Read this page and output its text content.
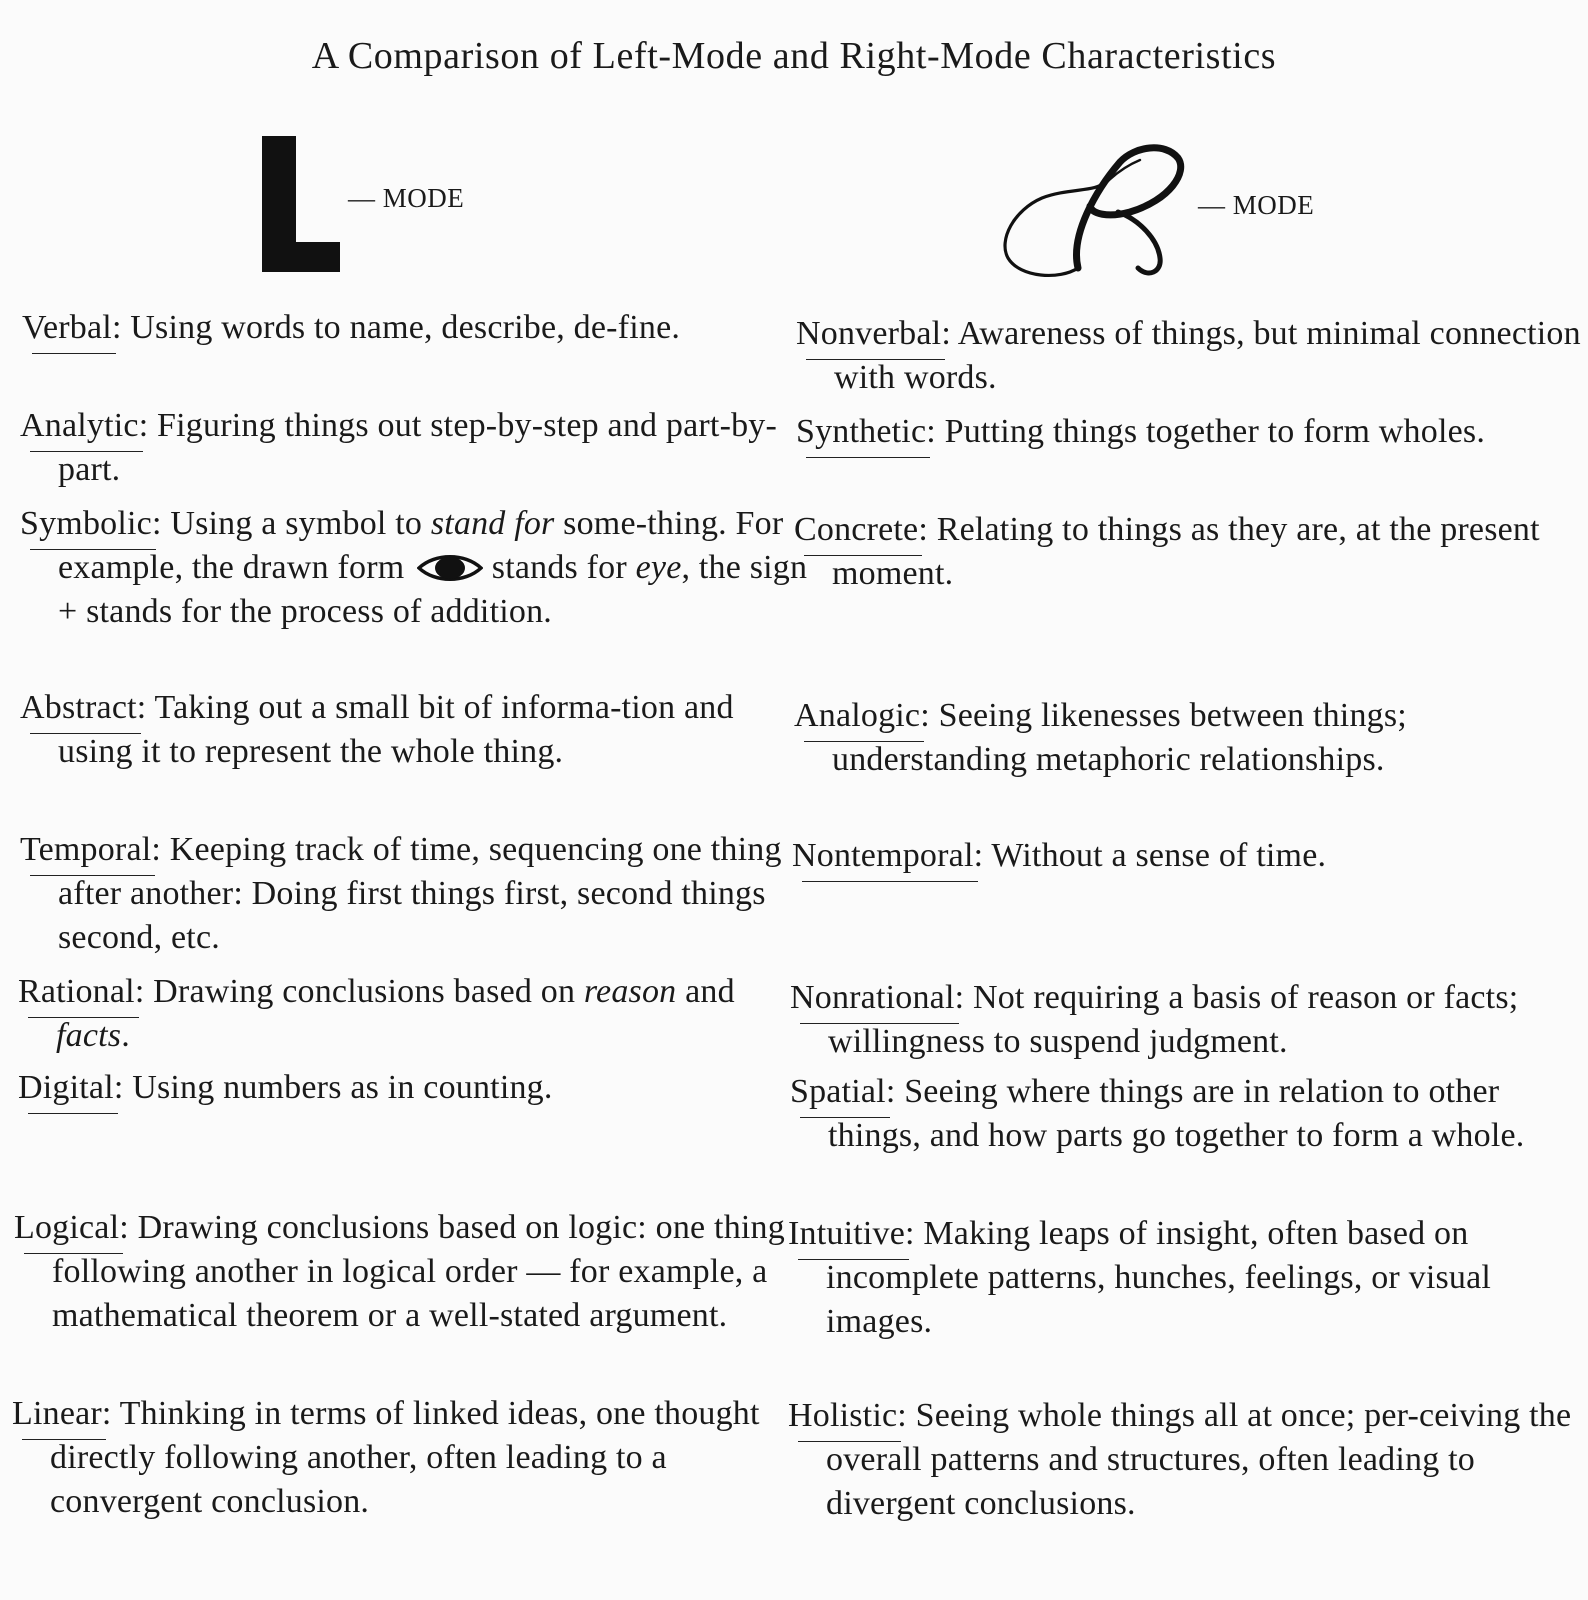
A Comparison of Left-Mode and Right-Mode Characteristics
— MODE	— MODE
Verbal: Using words to name, describe, de-fine.
Analytic: Figuring things out step-by-step and part-by-part.
Symbolic: Using a symbol to stand for some-thing. For example, the drawn form  stands for eye, the sign + stands for the process of addition.
Abstract: Taking out a small bit of informa-tion and using it to represent the whole thing.
Temporal: Keeping track of time, sequencing one thing after another: Doing first things first, second things second, etc.
Rational: Drawing conclusions based on reason and facts.
Digital: Using numbers as in counting.
Logical: Drawing conclusions based on logic: one thing following another in logical order — for example, a mathematical theorem or a well-stated argument.
Linear: Thinking in terms of linked ideas, one thought directly following another, often leading to a convergent conclusion.
Nonverbal: Awareness of things, but minimal connection with words.
Synthetic: Putting things together to form wholes.
Concrete: Relating to things as they are, at the present moment.
Analogic: Seeing likenesses between things; understanding metaphoric relationships.
Nontemporal: Without a sense of time.
Nonrational: Not requiring a basis of reason or facts; willingness to suspend judgment.
Spatial: Seeing where things are in relation to other things, and how parts go together to form a whole.
Intuitive: Making leaps of insight, often based on incomplete patterns, hunches, feelings, or visual images.
Holistic: Seeing whole things all at once; per-ceiving the overall patterns and structures, often leading to divergent conclusions.
